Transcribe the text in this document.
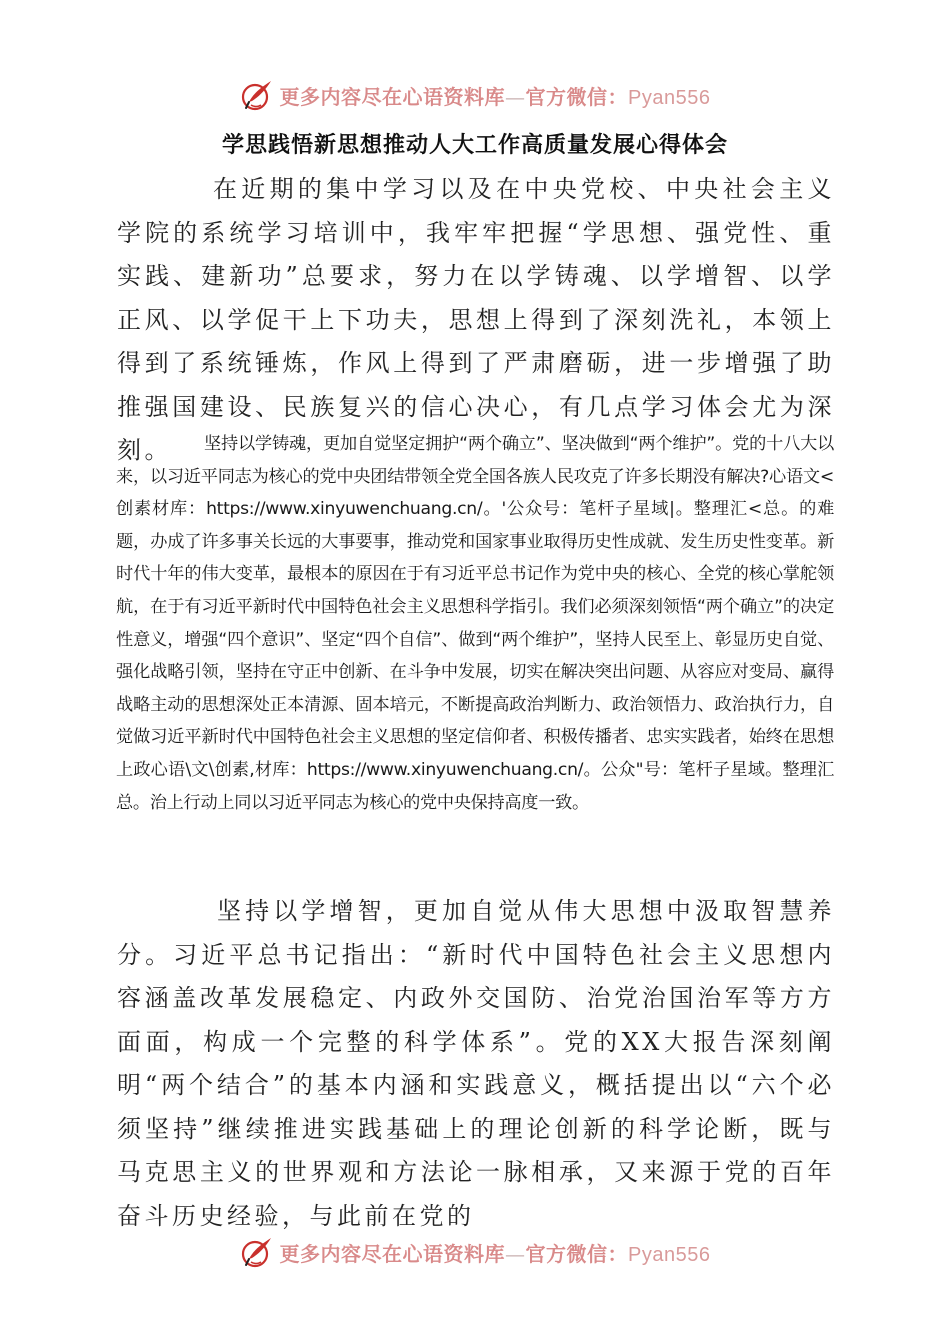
更多内容尽在心语资料库—官方微信：Pyan556
学思践悟新思想推动人大工作高质量发展心得体会

在近期的集中学习以及在中央党校、中央社会主义学院的系统学习培训中，我牢牢把握“学思想、强党性、重实践、建新功”总要求，努力在以学铸魂、以学增智、以学正风、以学促干上下功夫，思想上得到了深刻洗礼，本领上得到了系统锤炼，作风上得到了严肃磨砺，进一步增强了助推强国建设、民族复兴的信心决心，有几点学习体会尤为深刻。	坚持以学铸魂，更加自觉坚定拥护“两个确立”、坚决做到“两个维护”。党的十八大以来，以习近平同志为核心的党中央团结带领全党全国各族人民攻克了许多长期没有解决?心语文<创素材库：https://www.xinyuwenchuang.cn/。'公众号：笔杆子星域|。整理汇<总。的难题，办成了许多事关长远的大事要事，推动党和国家事业取得历史性成就、发生历史性变革。新时代十年的伟大变革，最根本的原因在于有习近平总书记作为党中央的核心、全党的核心掌舵领航，在于有习近平新时代中国特色社会主义思想科学指引。我们必须深刻领悟“两个确立”的决定性意义，增强“四个意识”、坚定“四个自信”、做到“两个维护”，坚持人民至上、彰显历史自觉、强化战略引领，坚持在守正中创新、在斗争中发展，切实在解决突出问题、从容应对变局、赢得战略主动的思想深处正本清源、固本培元，不断提高政治判断力、政治领悟力、政治执行力，自觉做习近平新时代中国特色社会主义思想的坚定信仰者、积极传播者、忠实实践者，始终在思想上政心语\文\创素,材库：https://www.xinyuwenchuang.cn/。公众"号：笔杆子星域。整理汇总。治上行动上同以习近平同志为核心的党中央保持高度一致。

坚持以学增智，更加自觉从伟大思想中汲取智慧养分。习近平总书记指出：“新时代中国特色社会主义思想内容涵盖改革发展稳定、内政外交国防、治党治国治军等方方面面，构成一个完整的科学体系”。党的XX大报告深刻阐明“两个结合”的基本内涵和实践意义，概括提出以“六个必须坚持”继续推进实践基础上的理论创新的科学论断，既与马克思主义的世界观和方法论一脉相承，又来源于党的百年奋斗历史经验，与此前在党的

更多内容尽在心语资料库—官方微信：Pyan556
